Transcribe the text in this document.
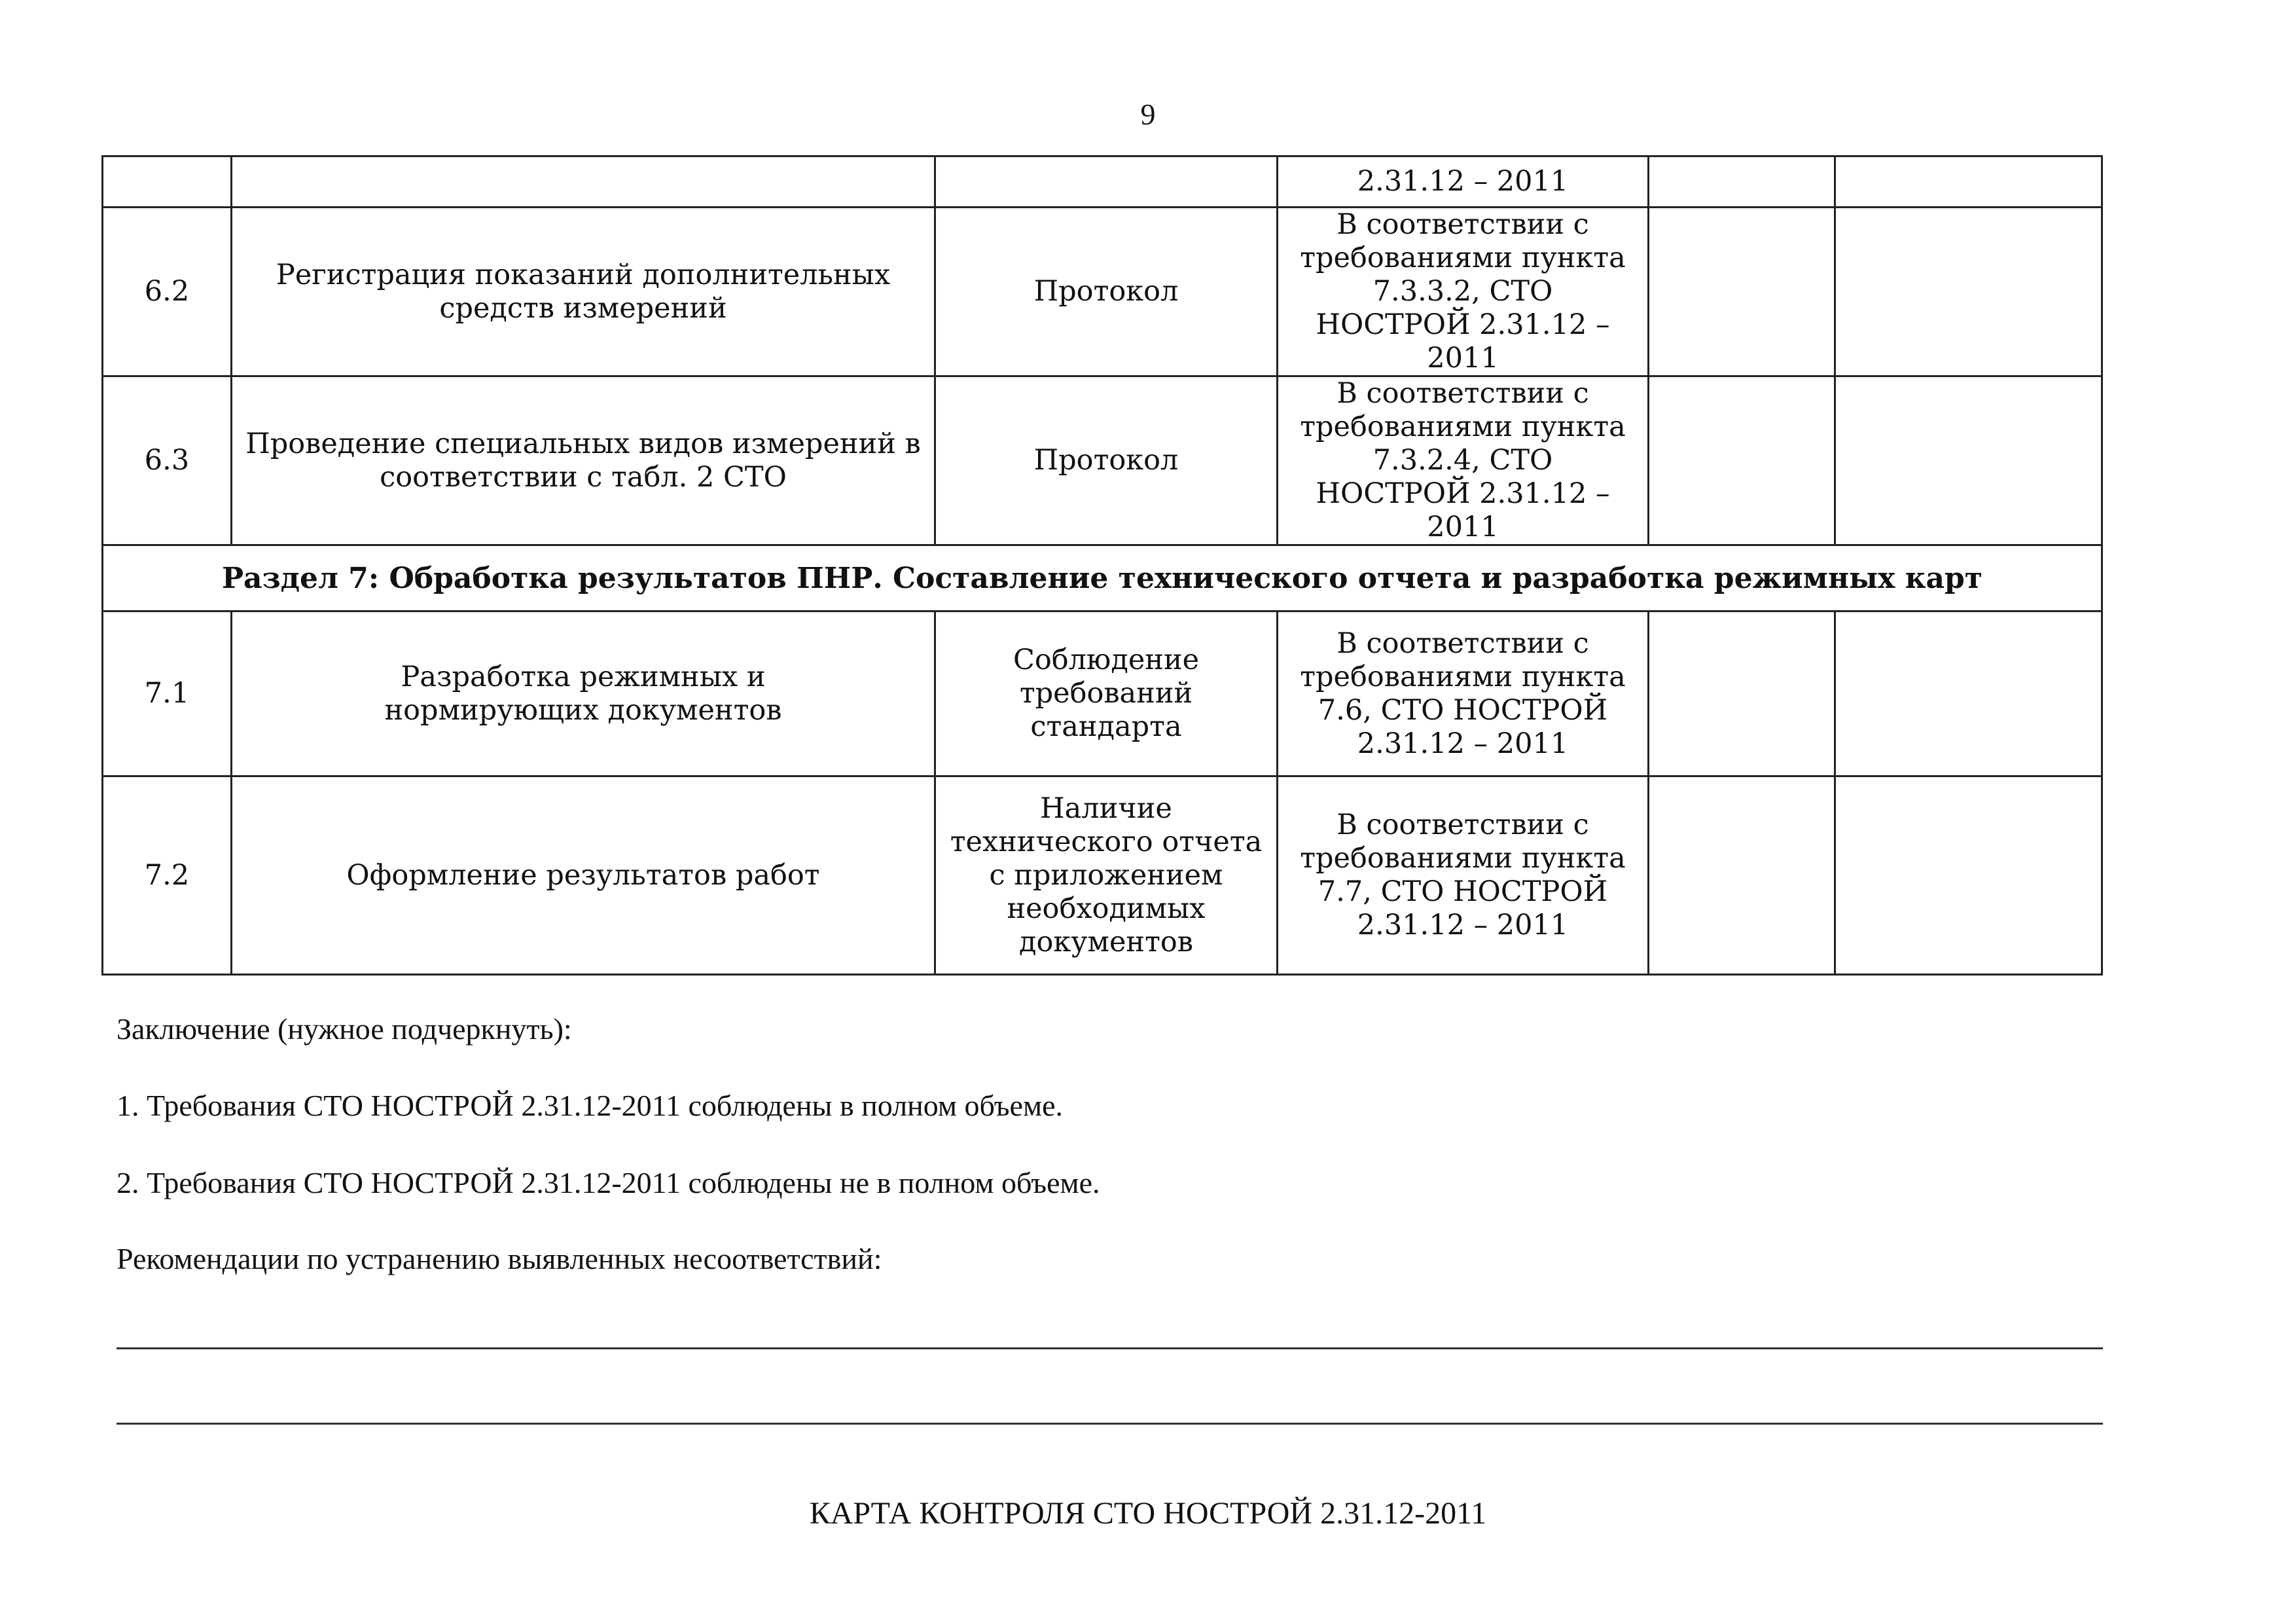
9
			2.31.12 – 2011		
6.2	Регистрация показаний дополнительных средств измерений	Протокол	В соответствии с требованиями пункта 7.3.3.2, СТО НОСТРОЙ 2.31.12 – 2011		
6.3	Проведение специальных видов измерений в соответствии с табл. 2 СТО	Протокол	В соответствии с требованиями пункта 7.3.2.4, СТО НОСТРОЙ 2.31.12 – 2011		
Раздел 7: Обработка результатов ПНР. Составление технического отчета и разработка режимных карт					
7.1	Разработка режимных и нормирующих документов	Соблюдение требований стандарта	В соответствии с требованиями пункта 7.6, СТО НОСТРОЙ 2.31.12 – 2011		
7.2	Оформление результатов работ	Наличие технического отчета с приложением необходимых документов	В соответствии с требованиями пункта 7.7, СТО НОСТРОЙ 2.31.12 – 2011		
Заключение (нужное подчеркнуть):
1. Требования СТО НОСТРОЙ 2.31.12-2011 соблюдены в полном объеме.
2. Требования СТО НОСТРОЙ 2.31.12-2011 соблюдены не в полном объеме.
Рекомендации по устранению выявленных несоответствий:
КАРТА КОНТРОЛЯ СТО НОСТРОЙ 2.31.12-2011
